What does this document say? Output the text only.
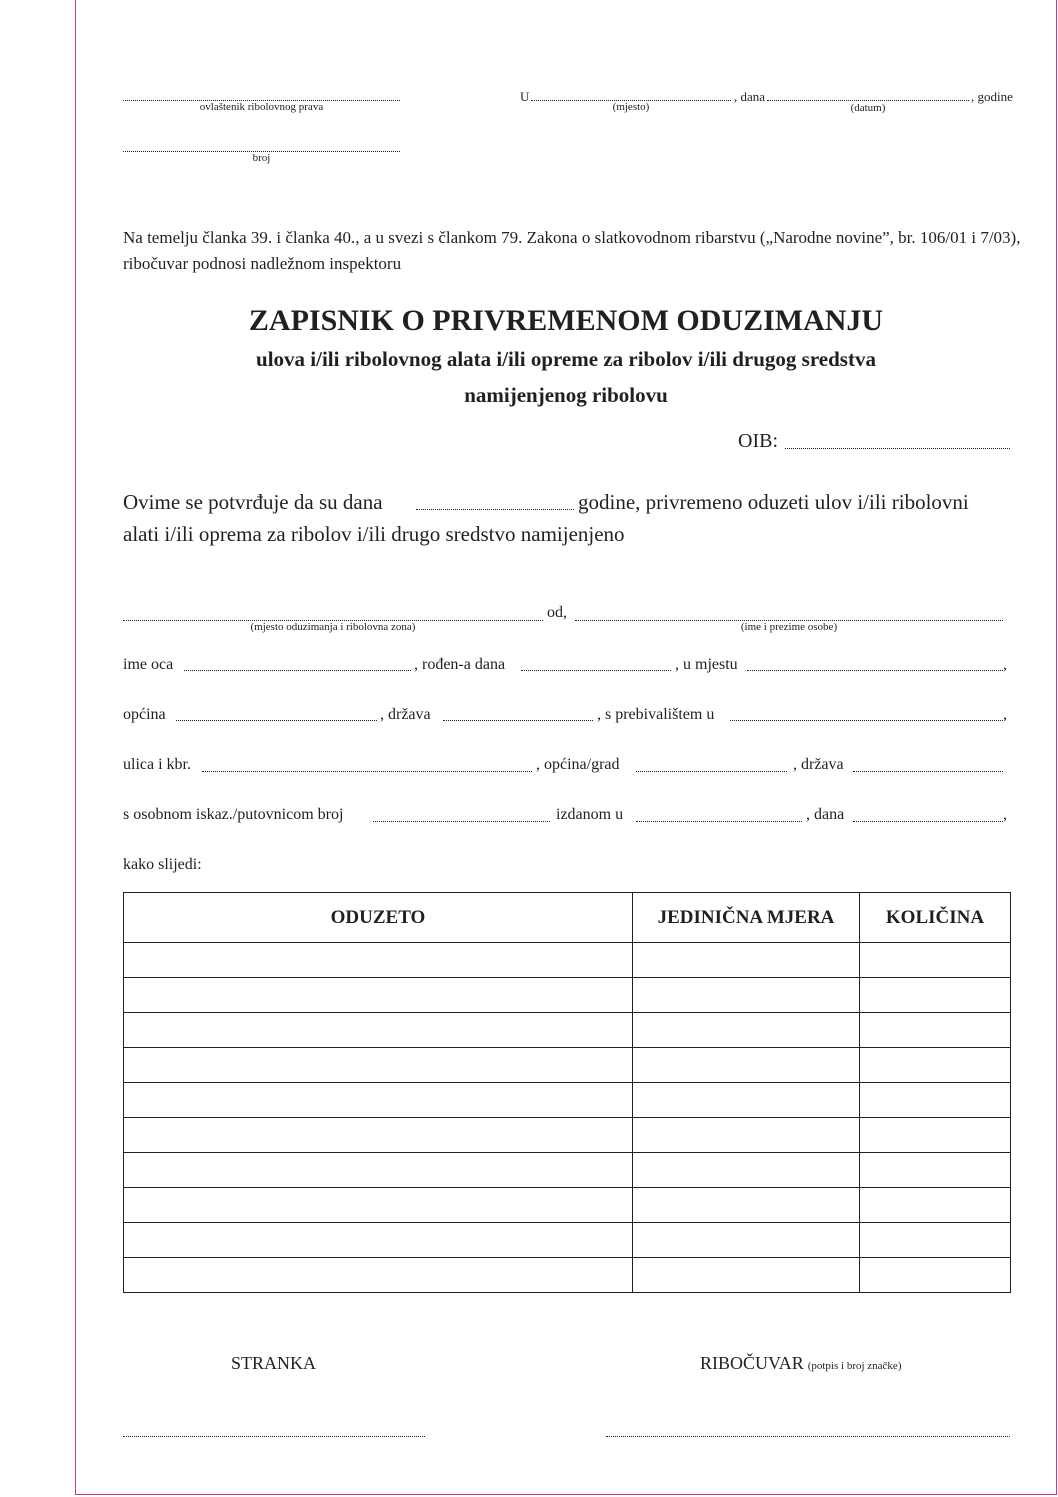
ovlaštenik ribolovnog prava
broj
U
(mjesto)
, dana
(datum)
, godine
Na temelju članka 39. i članka 40., a u svezi s člankom 79. Zakona o slatkovodnom ribarstvu („Narodne novine”, br. 106/01 i 7/03), ribočuvar podnosi nadležnom inspektoru
ZAPISNIK O PRIVREMENOM ODUZIMANJU
ulova i/ili ribolovnog alata i/ili opreme za ribolov i/ili drugog sredstva
namijenjenog ribolovu
OIB:
Ovime se potvrđuje da su dana	godine, privremeno oduzeti ulov i/ili ribolovni
alati i/ili oprema za ribolov i/ili drugo sredstvo namijenjeno
(mjesto oduzimanja i ribolovna zona)
od,
(ime i prezime osobe)
ime oca	, rođen-a dana	, u mjestu	,
općina	, država	, s prebivalištem u	,
ulica i kbr.	, općina/grad	, država
s osobnom iskaz./putovnicom broj	izdanom u	, dana	,
kako slijedi:
ODUZETO	JEDINIČNA MJERA	KOLIČINA

STRANKA	RIBOČUVAR (potpis i broj značke)
